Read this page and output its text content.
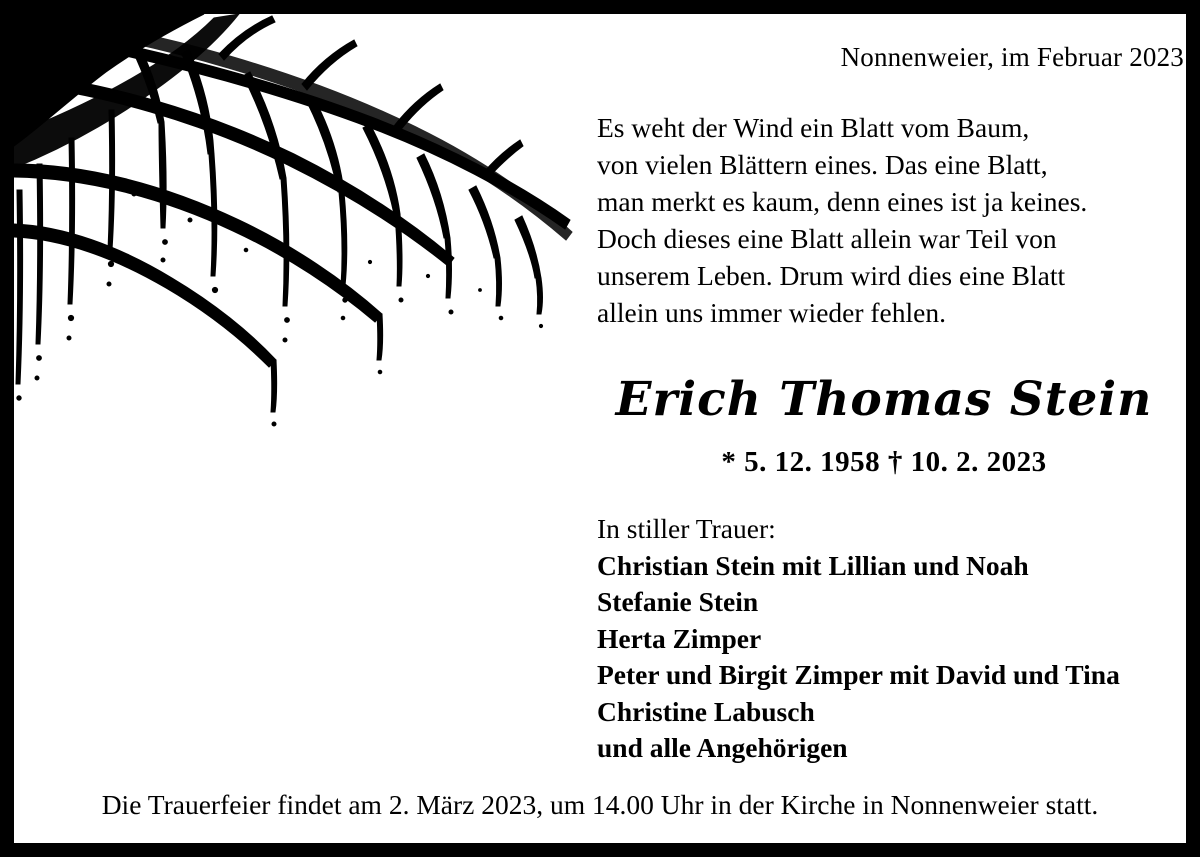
Nonnenweier, im Februar 2023
Es weht der Wind ein Blatt vom Baum,
von vielen Blättern eines. Das eine Blatt,
man merkt es kaum, denn eines ist ja keines.
Doch dieses eine Blatt allein war Teil von
unserem Leben. Drum wird dies eine Blatt
allein uns immer wieder fehlen.
Erich Thomas Stein
* 5. 12. 1958 † 10. 2. 2023
In stiller Trauer:
Christian Stein mit Lillian und Noah
Stefanie Stein
Herta Zimper
Peter und Birgit Zimper mit David und Tina
Christine Labusch
und alle Angehörigen
Die Trauerfeier findet am 2. März 2023, um 14.00 Uhr in der Kirche in Nonnenweier statt.
